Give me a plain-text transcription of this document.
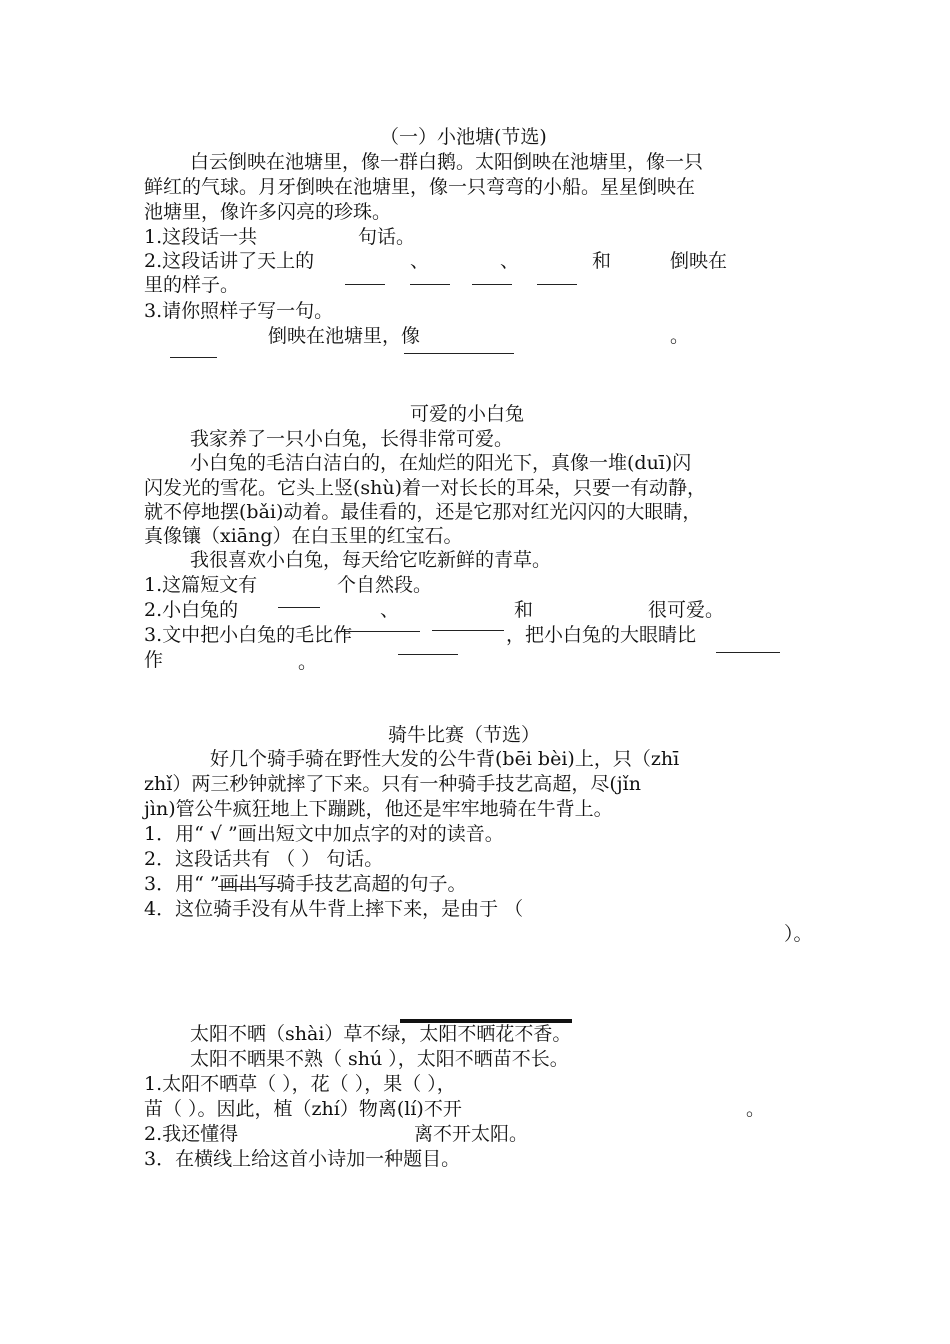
（一）小池塘(节选)
白云倒映在池塘里，像一群白鹅。太阳倒映在池塘里，像一只
鲜红的气球。月牙倒映在池塘里，像一只弯弯的小船。星星倒映在
池塘里，像许多闪亮的珍珠。
1.这段话一共	句话。
2.这段话讲了天上的	、	、	和	倒映在
里的样子。
3.请你照样子写一句。
倒映在池塘里，像	。
可爱的小白兔
我家养了一只小白兔，长得非常可爱。
小白兔的毛洁白洁白的，在灿烂的阳光下，真像一堆(duī)闪
闪发光的雪花。它头上竖(shù)着一对长长的耳朵，只要一有动静，
就不停地摆(bǎi)动着。最佳看的，还是它那对红光闪闪的大眼睛，
真像镶（xiāng）在白玉里的红宝石。
我很喜欢小白兔，每天给它吃新鲜的青草。
1.这篇短文有	个自然段。
2.小白兔的	、	和	很可爱。
3.文中把小白兔的毛比作	，把小白兔的大眼睛比
作	。
骑牛比赛（节选）
好几个骑手骑在野性大发的公牛背(bēi bèi)上，只（zhī
zhǐ）两三秒钟就摔了下来。只有一种骑手技艺高超，尽(jǐn
jìn)管公牛疯狂地上下蹦跳，他还是牢牢地骑在牛背上。
1．用“ √ ”画出短文中加点字的对的读音。
2．这段话共有 （ ） 句话。
3．用“ ”画出写骑手技艺高超的句子。
4．这位骑手没有从牛背上摔下来，是由于 （
）。
太阳不晒（shài）草不绿，太阳不晒花不香。
太阳不晒果不熟（ shú ），太阳不晒苗不长。
1.太阳不晒草（ ），花（ ），果（ ），
苗（ ）。因此，植（zhí）物离(lí)不开	。
2.我还懂得	离不开太阳。
3．在横线上给这首小诗加一种题目。
